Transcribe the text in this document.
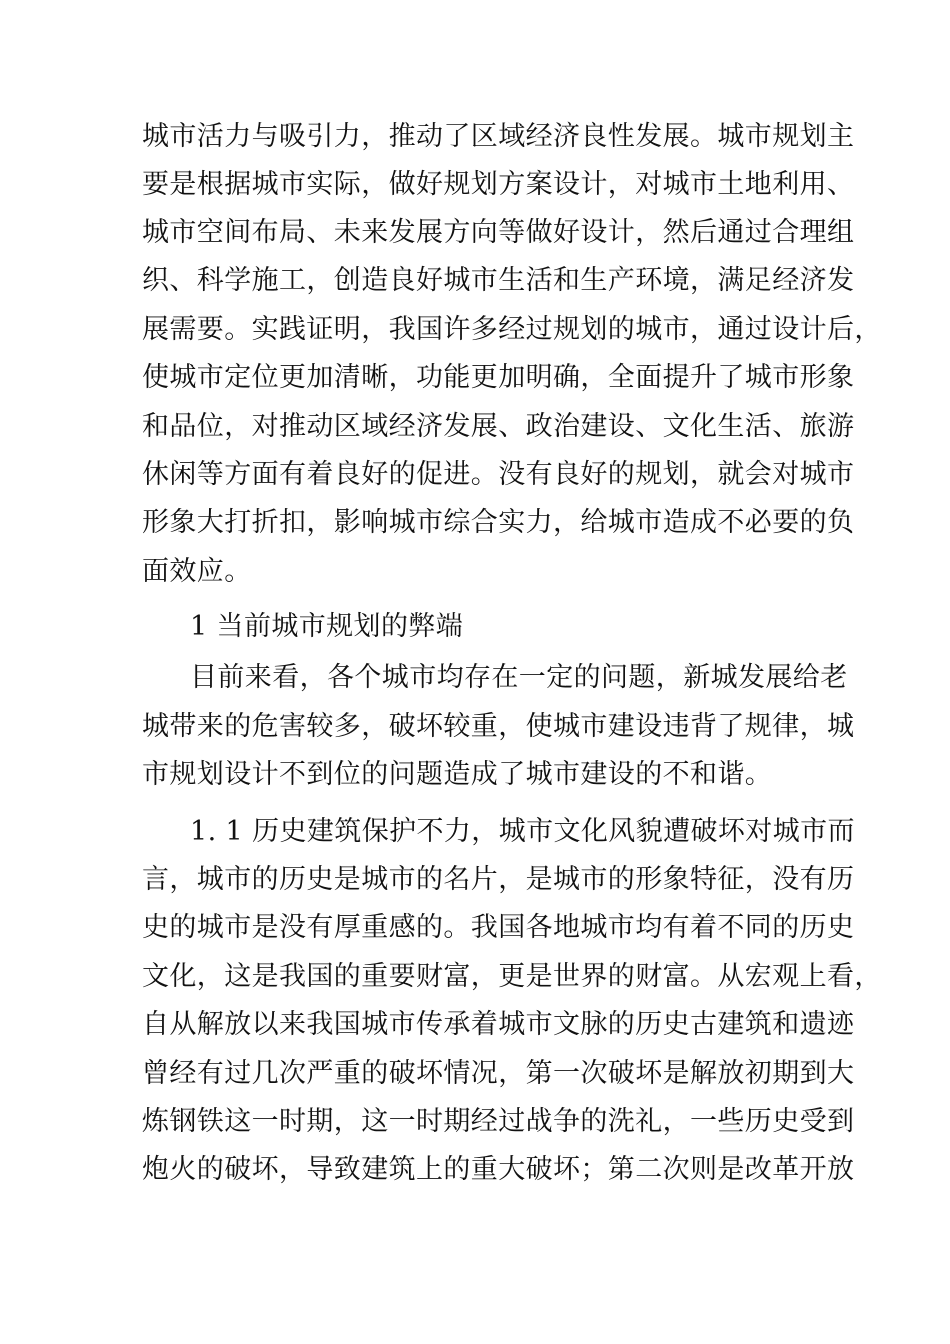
城市活力与吸引力，推动了区域经济良性发展。城市规划主
要是根据城市实际，做好规划方案设计，对城市土地利用、
城市空间布局、未来发展方向等做好设计，然后通过合理组
织、科学施工，创造良好城市生活和生产环境，满足经济发
展需要。实践证明，我国许多经过规划的城市，通过设计后，
使城市定位更加清晰，功能更加明确，全面提升了城市形象
和品位，对推动区域经济发展、政治建设、文化生活、旅游
休闲等方面有着良好的促进。没有良好的规划，就会对城市
形象大打折扣，影响城市综合实力，给城市造成不必要的负
面效应。
1 当前城市规划的弊端
目前来看，各个城市均存在一定的问题，新城发展给老
城带来的危害较多，破坏较重，使城市建设违背了规律，城
市规划设计不到位的问题造成了城市建设的不和谐。
1. 1 历史建筑保护不力，城市文化风貌遭破坏对城市而
言，城市的历史是城市的名片，是城市的形象特征，没有历
史的城市是没有厚重感的。我国各地城市均有着不同的历史
文化，这是我国的重要财富，更是世界的财富。从宏观上看，
自从解放以来我国城市传承着城市文脉的历史古建筑和遗迹
曾经有过几次严重的破坏情况，第一次破坏是解放初期到大
炼钢铁这一时期，这一时期经过战争的洗礼，一些历史受到
炮火的破坏，导致建筑上的重大破坏；第二次则是改革开放
